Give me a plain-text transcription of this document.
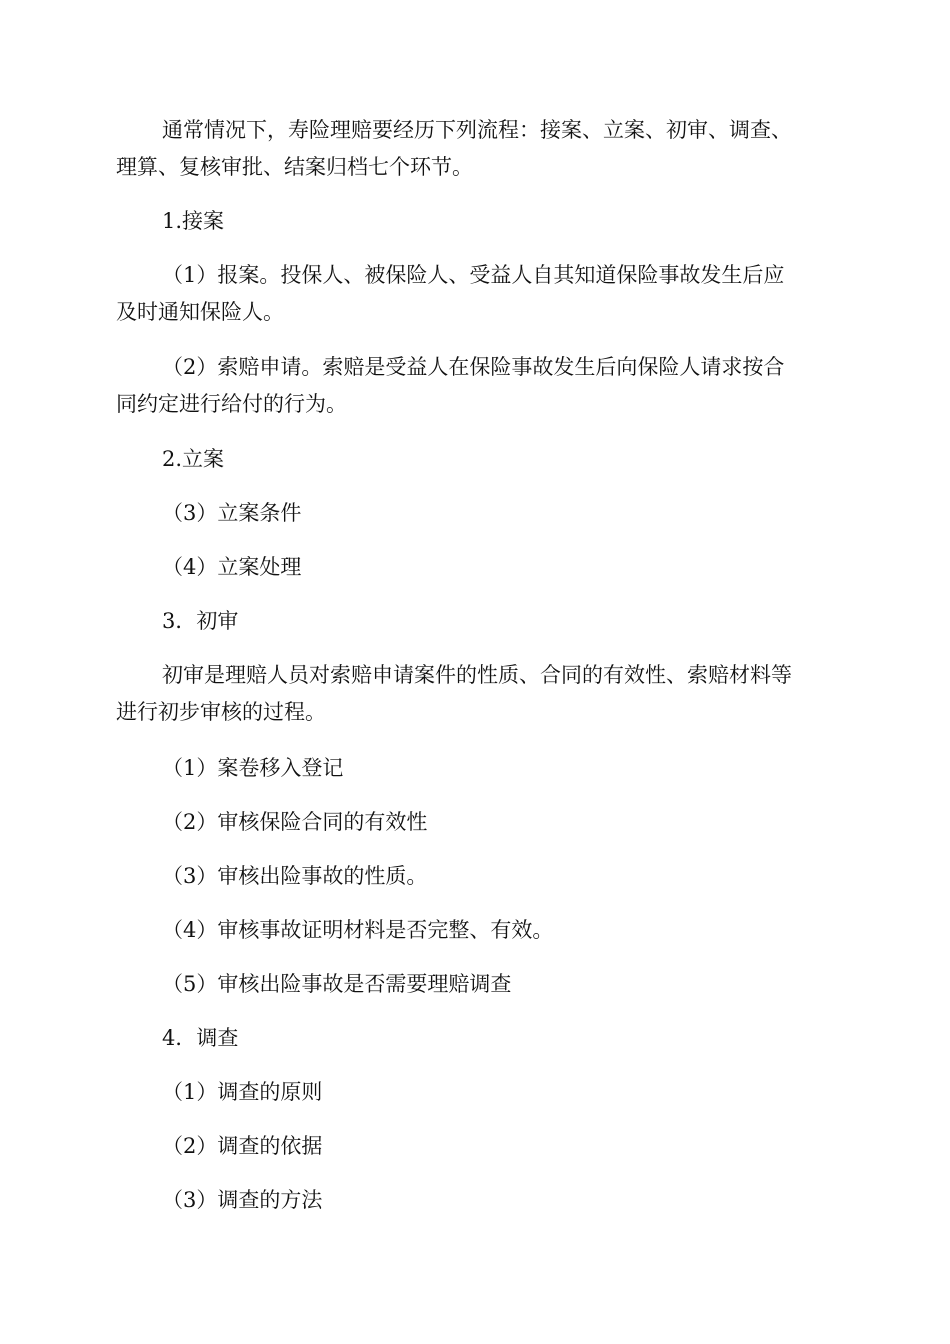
通常情况下，寿险理赔要经历下列流程：接案、立案、初审、调查、
理算、复核审批、结案归档七个环节。

1.接案

（1）报案。投保人、被保险人、受益人自其知道保险事故发生后应
及时通知保险人。

（2）索赔申请。索赔是受益人在保险事故发生后向保险人请求按合
同约定进行给付的行为。

2.立案

（3）立案条件

（4）立案处理

3．初审

初审是理赔人员对索赔申请案件的性质、合同的有效性、索赔材料等
进行初步审核的过程。

（1）案卷移入登记

（2）审核保险合同的有效性

（3）审核出险事故的性质。

（4）审核事故证明材料是否完整、有效。

（5）审核出险事故是否需要理赔调查

4．调查

（1）调查的原则

（2）调查的依据

（3）调查的方法
